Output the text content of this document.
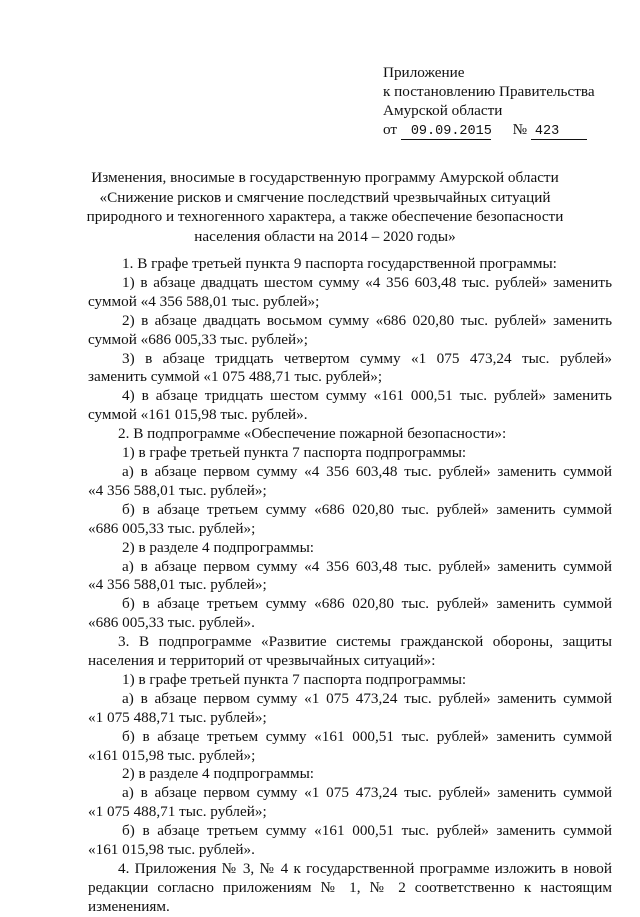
Приложение
к постановлению Правительства
Амурской области
от 09.09.2015 № 423
Изменения, вносимые в государственную программу Амурской области
«Снижение рисков и смягчение последствий чрезвычайных ситуаций
природного и техногенного характера, а также обеспечение безопасности
населения области на 2014 – 2020 годы»
1. В графе третьей пункта 9 паспорта государственной программы:
1) в абзаце двадцать шестом сумму «4 356 603,48 тыс. рублей» заменить
суммой «4 356 588,01 тыс. рублей»;
2) в абзаце двадцать восьмом сумму «686 020,80 тыс. рублей» заменить
суммой «686 005,33 тыс. рублей»;
3) в абзаце тридцать четвертом сумму «1 075 473,24 тыс. рублей»
заменить суммой «1 075 488,71 тыс. рублей»;
4) в абзаце тридцать шестом сумму «161 000,51 тыс. рублей» заменить
суммой «161 015,98 тыс. рублей».
2. В подпрограмме «Обеспечение пожарной безопасности»:
1) в графе третьей пункта 7 паспорта подпрограммы:
а) в абзаце первом сумму «4 356 603,48 тыс. рублей» заменить суммой
«4 356 588,01 тыс. рублей»;
б) в абзаце третьем сумму «686 020,80 тыс. рублей» заменить суммой
«686 005,33 тыс. рублей»;
2) в разделе 4 подпрограммы:
а) в абзаце первом сумму «4 356 603,48 тыс. рублей» заменить суммой
«4 356 588,01 тыс. рублей»;
б) в абзаце третьем сумму «686 020,80 тыс. рублей» заменить суммой
«686 005,33 тыс. рублей».
3. В подпрограмме «Развитие системы гражданской обороны, защиты
населения и территорий от чрезвычайных ситуаций»:
1) в графе третьей пункта 7 паспорта подпрограммы:
а) в абзаце первом сумму «1 075 473,24 тыс. рублей» заменить суммой
«1 075 488,71 тыс. рублей»;
б) в абзаце третьем сумму «161 000,51 тыс. рублей» заменить суммой
«161 015,98 тыс. рублей»;
2) в разделе 4 подпрограммы:
а) в абзаце первом сумму «1 075 473,24 тыс. рублей» заменить суммой
«1 075 488,71 тыс. рублей»;
б) в абзаце третьем сумму «161 000,51 тыс. рублей» заменить суммой
«161 015,98 тыс. рублей».
4. Приложения № 3, № 4 к государственной программе изложить в новой
редакции согласно приложениям № 1, № 2 соответственно к настоящим
изменениям.
